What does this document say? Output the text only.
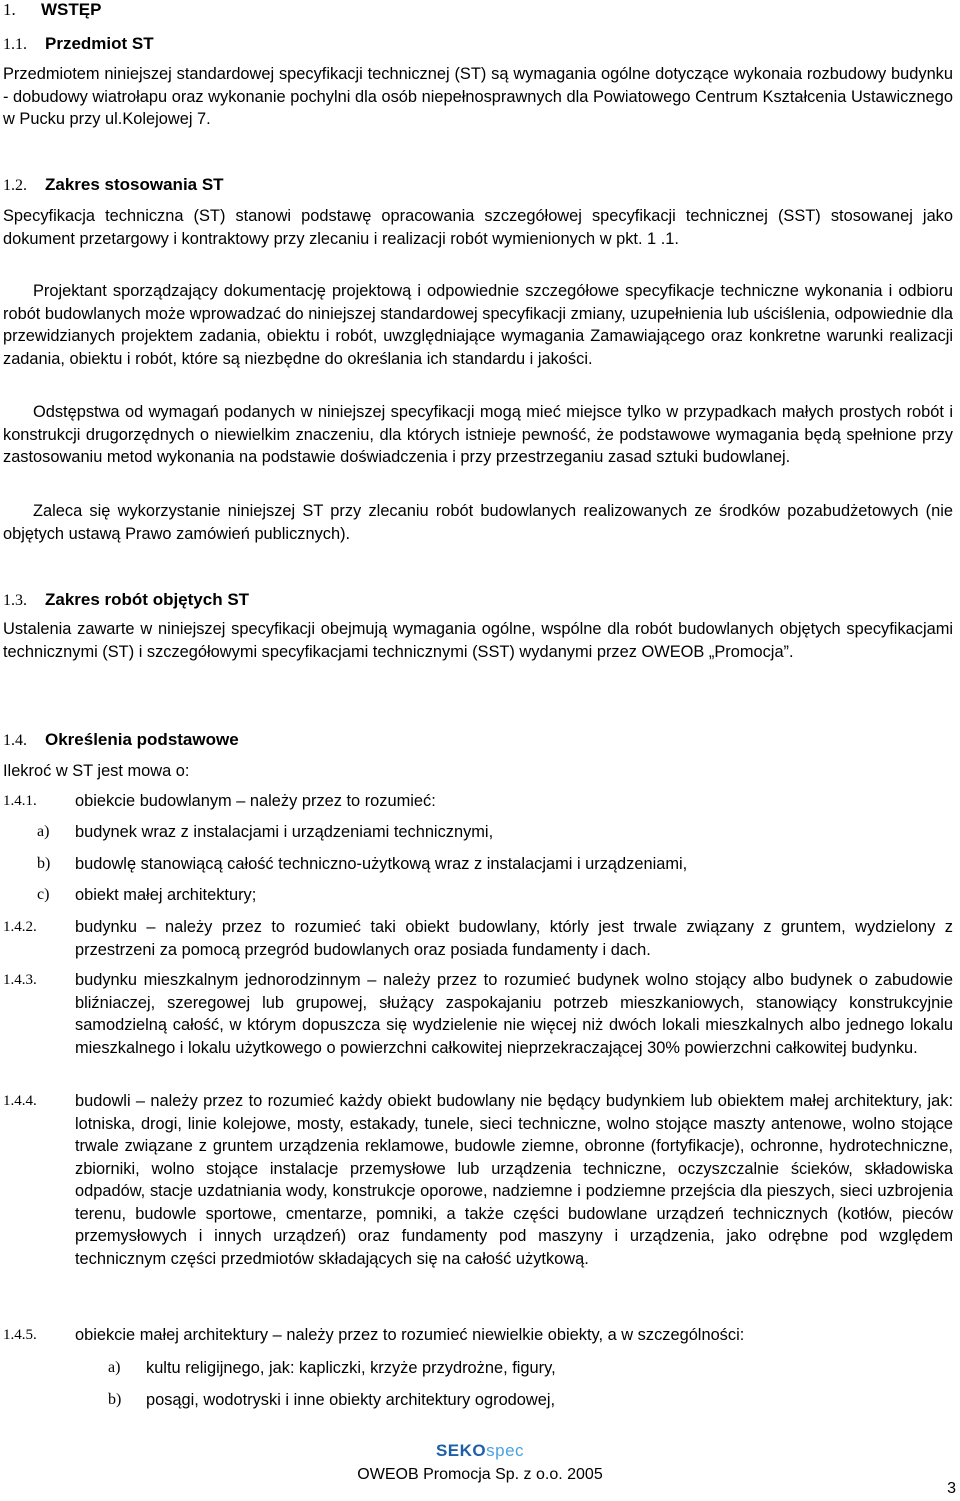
1. WSTĘP
1.1. Przedmiot ST

Przedmiotem niniejszej standardowej specyfikacji technicznej (ST) są wymagania ogólne dotyczące wykonaia rozbudowy budynku - dobudowy wiatrołapu oraz wykonanie pochylni dla osób niepełnosprawnych dla Powiatowego Centrum Kształcenia Ustawicznego w Pucku przy ul.Kolejowej 7.

1.2. Zakres stosowania ST

Specyfikacja techniczna (ST) stanowi podstawę opracowania szczegółowej specyfikacji technicznej (SST) stosowanej jako dokument przetargowy i kontraktowy przy zlecaniu i realizacji robót wymienionych w pkt. 1 .1.

Projektant sporządzający dokumentację projektową i odpowiednie szczegółowe specyfikacje techniczne wykonania i odbioru robót budowlanych może wprowadzać do niniejszej standardowej specyfikacji zmiany, uzupełnienia lub uściślenia, odpowiednie dla przewidzianych projektem zadania, obiektu i robót, uwzględniające wymagania Zamawiającego oraz konkretne warunki realizacji zadania, obiektu i robót, które są niezbędne do określania ich standardu i jakości.

Odstępstwa od wymagań podanych w niniejszej specyfikacji mogą mieć miejsce tylko w przypadkach małych prostych robót i konstrukcji drugorzędnych o niewielkim znaczeniu, dla których istnieje pewność, że podstawowe wymagania będą spełnione przy zastosowaniu metod wykonania na podstawie doświadczenia i przy przestrzeganiu zasad sztuki budowlanej.

Zaleca się wykorzystanie niniejszej ST przy zlecaniu robót budowlanych realizowanych ze środków pozabudżetowych (nie objętych ustawą Prawo zamówień publicznych).

1.3. Zakres robót objętych ST

Ustalenia zawarte w niniejszej specyfikacji obejmują wymagania ogólne, wspólne dla robót budowlanych objętych specyfikacjami technicznymi (ST) i szczegółowymi specyfikacjami technicznymi (SST) wydanymi przez OWEOB „Promocja”.

1.4. Określenia podstawowe

Ilekroć w ST jest mowa o:

1.4.1. obiekcie budowlanym – należy przez to rozumieć:
a) budynek wraz z instalacjami i urządzeniami technicznymi,
b) budowlę stanowiącą całość techniczno-użytkową wraz z instalacjami i urządzeniami,
c) obiekt małej architektury;
1.4.2. budynku – należy przez to rozumieć taki obiekt budowlany, którly jest trwale związany z gruntem, wydzielony z przestrzeni za pomocą przegród budowlanych oraz posiada fundamenty i dach.
1.4.3. budynku mieszkalnym jednorodzinnym – należy przez to rozumieć budynek wolno stojący albo budynek o zabudowie bliźniaczej, szeregowej lub grupowej, służący zaspokajaniu potrzeb mieszkaniowych, stanowiący konstrukcyjnie samodzielną całość, w którym dopuszcza się wydzielenie nie więcej niż dwóch lokali mieszkalnych albo jednego lokalu mieszkalnego i lokalu użytkowego o powierzchni całkowitej nieprzekraczającej 30% powierzchni całkowitej budynku.
1.4.4. budowli – należy przez to rozumieć każdy obiekt budowlany nie będący budynkiem lub obiektem małej architektury, jak: lotniska, drogi, linie kolejowe, mosty, estakady, tunele, sieci techniczne, wolno stojące maszty antenowe, wolno stojące trwale związane z gruntem urządzenia reklamowe, budowle ziemne, obronne (fortyfikacje), ochronne, hydrotechniczne, zbiorniki, wolno stojące instalacje przemysłowe lub urządzenia techniczne, oczyszczalnie ścieków, składowiska odpadów, stacje uzdatniania wody, konstrukcje oporowe, nadziemne i podziemne przejścia dla pieszych, sieci uzbrojenia terenu, budowle sportowe, cmentarze, pomniki, a także części budowlane urządzeń technicznych (kotłów, pieców przemysłowych i innych urządzeń) oraz fundamenty pod maszyny i urządzenia, jako odrębne pod względem technicznym części przedmiotów składających się na całość użytkową.
1.4.5. obiekcie małej architektury – należy przez to rozumieć niewielkie obiekty, a w szczególności:
a) kultu religijnego, jak: kapliczki, krzyże przydrożne, figury,
b) posągi, wodotryski i inne obiekty architektury ogrodowej,
SEKOspec
OWEOB Promocja Sp. z o.o. 2005
3
